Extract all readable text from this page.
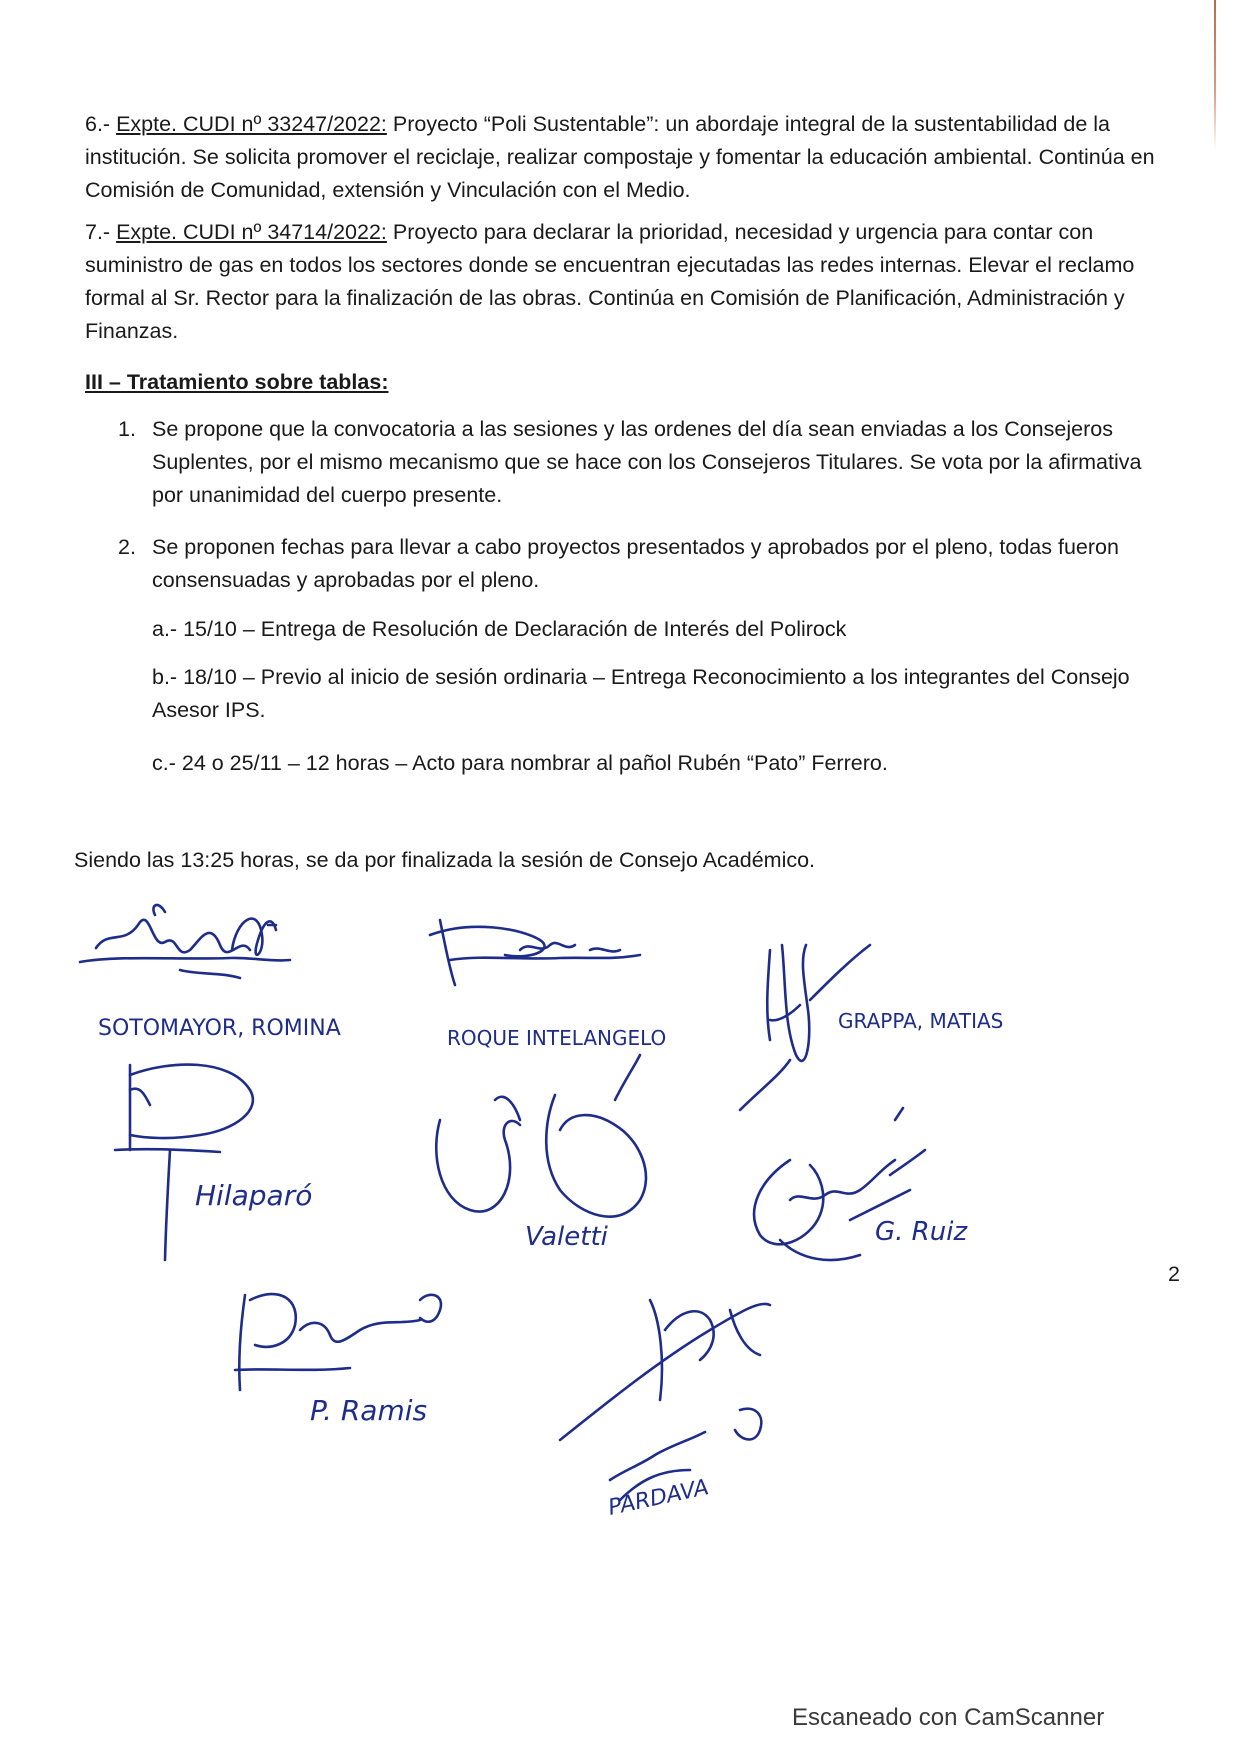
6.- Expte. CUDI nº 33247/2022: Proyecto “Poli Sustentable”: un abordaje integral de la sustentabilidad de la institución. Se solicita promover el reciclaje, realizar compostaje y fomentar la educación ambiental. Continúa en Comisión de Comunidad, extensión y Vinculación con el Medio.
7.- Expte. CUDI nº 34714/2022: Proyecto para declarar la prioridad, necesidad y urgencia para contar con suministro de gas en todos los sectores donde se encuentran ejecutadas las redes internas. Elevar el reclamo formal al Sr. Rector para la finalización de las obras. Continúa en Comisión de Planificación, Administración y Finanzas.
III – Tratamiento sobre tablas:
1. Se propone que la convocatoria a las sesiones y las ordenes del día sean enviadas a los Consejeros Suplentes, por el mismo mecanismo que se hace con los Consejeros Titulares. Se vota por la afirmativa por unanimidad del cuerpo presente.
2. Se proponen fechas para llevar a cabo proyectos presentados y aprobados por el pleno, todas fueron consensuadas y aprobadas por el pleno.
a.- 15/10 – Entrega de Resolución de Declaración de Interés del Polirock
b.- 18/10 – Previo al inicio de sesión ordinaria – Entrega Reconocimiento a los integrantes del Consejo Asesor IPS.
c.- 24 o 25/11 – 12 horas – Acto para nombrar al pañol Rubén “Pato” Ferrero.
Siendo las 13:25 horas, se da por finalizada la sesión de Consejo Académico.
SOTOMAYOR, ROMINA	ROQUE INTELANGELO
GRAPPA, MATIAS
Hilaparó
Valetti	G. Ruiz
P. Ramis
PARDAVA
2
Escaneado con CamScanner
